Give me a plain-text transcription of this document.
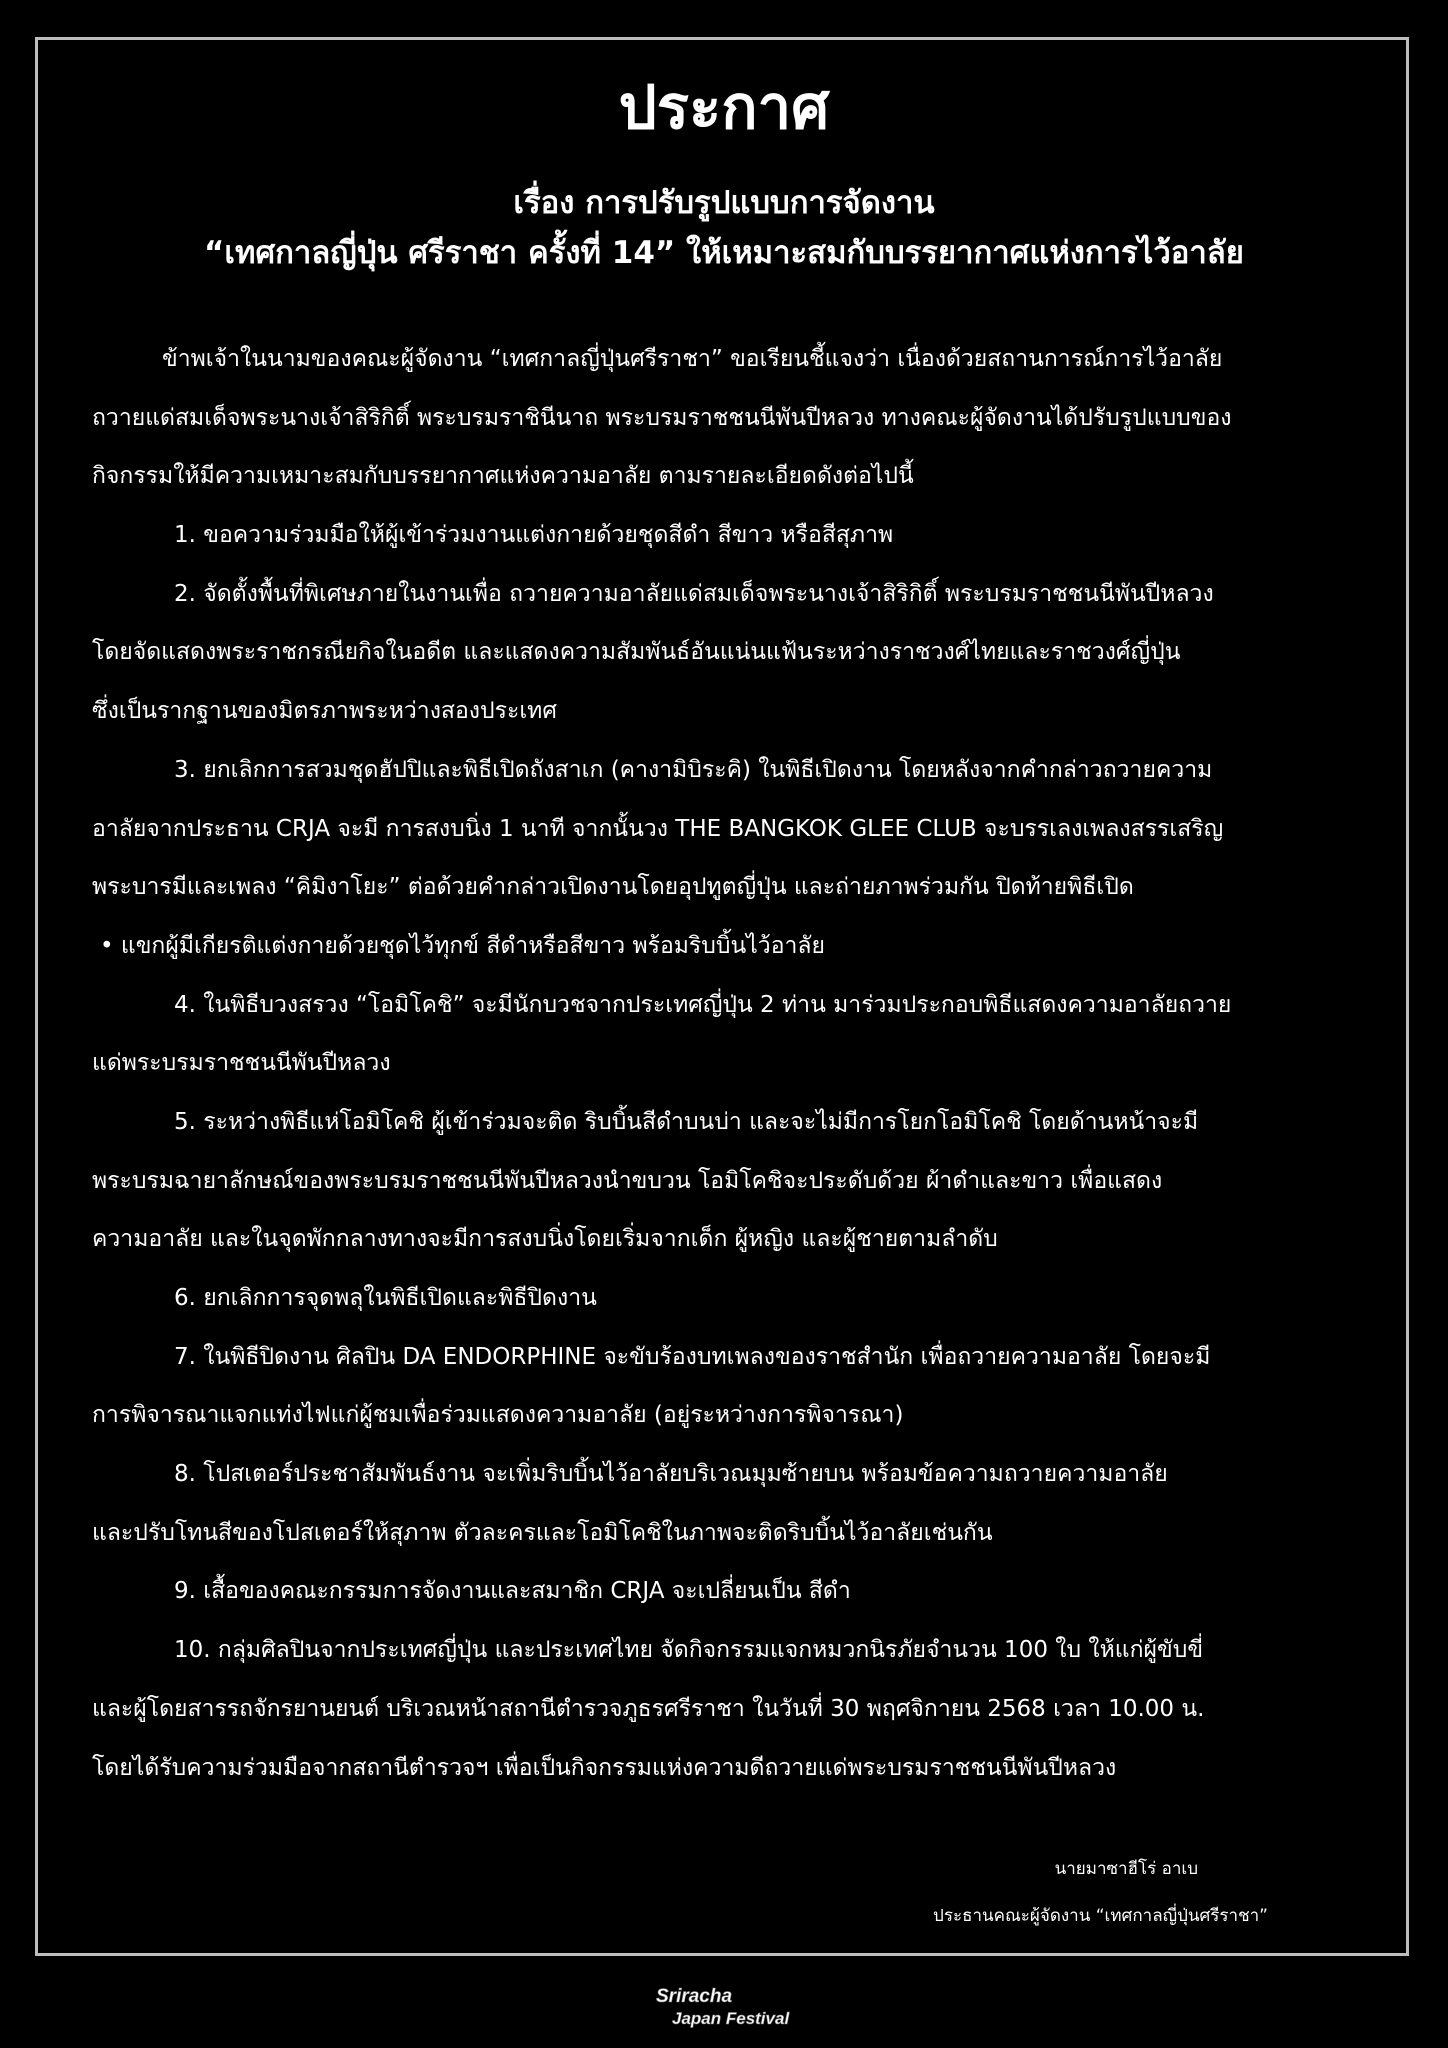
ประกาศ
เรื่อง การปรับรูปแบบการจัดงาน
“เทศกาลญี่ปุ่น ศรีราชา ครั้งที่ 14” ให้เหมาะสมกับบรรยากาศแห่งการไว้อาลัย
ข้าพเจ้าในนามของคณะผู้จัดงาน “เทศกาลญี่ปุ่นศรีราชา” ขอเรียนชี้แจงว่า เนื่องด้วยสถานการณ์การไว้อาลัย
ถวายแด่สมเด็จพระนางเจ้าสิริกิติ์ พระบรมราชินีนาถ พระบรมราชชนนีพันปีหลวง ทางคณะผู้จัดงานได้ปรับรูปแบบของ
กิจกรรมให้มีความเหมาะสมกับบรรยากาศแห่งความอาลัย ตามรายละเอียดดังต่อไปนี้
1. ขอความร่วมมือให้ผู้เข้าร่วมงานแต่งกายด้วยชุดสีดำ สีขาว หรือสีสุภาพ
2. จัดตั้งพื้นที่พิเศษภายในงานเพื่อ ถวายความอาลัยแด่สมเด็จพระนางเจ้าสิริกิติ์ พระบรมราชชนนีพันปีหลวง
โดยจัดแสดงพระราชกรณียกิจในอดีต และแสดงความสัมพันธ์อันแน่นแฟ้นระหว่างราชวงศ์ไทยและราชวงศ์ญี่ปุ่น
ซึ่งเป็นรากฐานของมิตรภาพระหว่างสองประเทศ
3. ยกเลิกการสวมชุดฮัปปิและพิธีเปิดถังสาเก (คางามิบิระคิ) ในพิธีเปิดงาน โดยหลังจากคำกล่าวถวายความ
อาลัยจากประธาน CRJA จะมี การสงบนิ่ง 1 นาที จากนั้นวง THE BANGKOK GLEE CLUB จะบรรเลงเพลงสรรเสริญ
พระบารมีและเพลง “คิมิงาโยะ” ต่อด้วยคำกล่าวเปิดงานโดยอุปทูตญี่ปุ่น และถ่ายภาพร่วมกัน ปิดท้ายพิธีเปิด
• แขกผู้มีเกียรติแต่งกายด้วยชุดไว้ทุกข์ สีดำหรือสีขาว พร้อมริบบิ้นไว้อาลัย
4. ในพิธีบวงสรวง “โอมิโคชิ” จะมีนักบวชจากประเทศญี่ปุ่น 2 ท่าน มาร่วมประกอบพิธีแสดงความอาลัยถวาย
แด่พระบรมราชชนนีพันปีหลวง
5. ระหว่างพิธีแห่โอมิโคชิ ผู้เข้าร่วมจะติด ริบบิ้นสีดำบนบ่า และจะไม่มีการโยกโอมิโคชิ โดยด้านหน้าจะมี
พระบรมฉายาลักษณ์ของพระบรมราชชนนีพันปีหลวงนำขบวน โอมิโคชิจะประดับด้วย ผ้าดำและขาว เพื่อแสดง
ความอาลัย และในจุดพักกลางทางจะมีการสงบนิ่งโดยเริ่มจากเด็ก ผู้หญิง และผู้ชายตามลำดับ
6. ยกเลิกการจุดพลุในพิธีเปิดและพิธีปิดงาน
7. ในพิธีปิดงาน ศิลปิน DA ENDORPHINE จะขับร้องบทเพลงของราชสำนัก เพื่อถวายความอาลัย โดยจะมี
การพิจารณาแจกแท่งไฟแก่ผู้ชมเพื่อร่วมแสดงความอาลัย (อยู่ระหว่างการพิจารณา)
8. โปสเตอร์ประชาสัมพันธ์งาน จะเพิ่มริบบิ้นไว้อาลัยบริเวณมุมซ้ายบน พร้อมข้อความถวายความอาลัย
และปรับโทนสีของโปสเตอร์ให้สุภาพ ตัวละครและโอมิโคชิในภาพจะติดริบบิ้นไว้อาลัยเช่นกัน
9. เสื้อของคณะกรรมการจัดงานและสมาชิก CRJA จะเปลี่ยนเป็น สีดำ
10. กลุ่มศิลปินจากประเทศญี่ปุ่น และประเทศไทย จัดกิจกรรมแจกหมวกนิรภัยจำนวน 100 ใบ ให้แก่ผู้ขับขี่
และผู้โดยสารรถจักรยานยนต์ บริเวณหน้าสถานีตำรวจภูธรศรีราชา ในวันที่ 30 พฤศจิกายน 2568 เวลา 10.00 น.
โดยได้รับความร่วมมือจากสถานีตำรวจฯ เพื่อเป็นกิจกรรมแห่งความดีถวายแด่พระบรมราชชนนีพันปีหลวง
นายมาซาฮีโร่ อาเบ
ประธานคณะผู้จัดงาน “เทศกาลญี่ปุ่นศรีราชา”
Sriracha
Japan Festival
